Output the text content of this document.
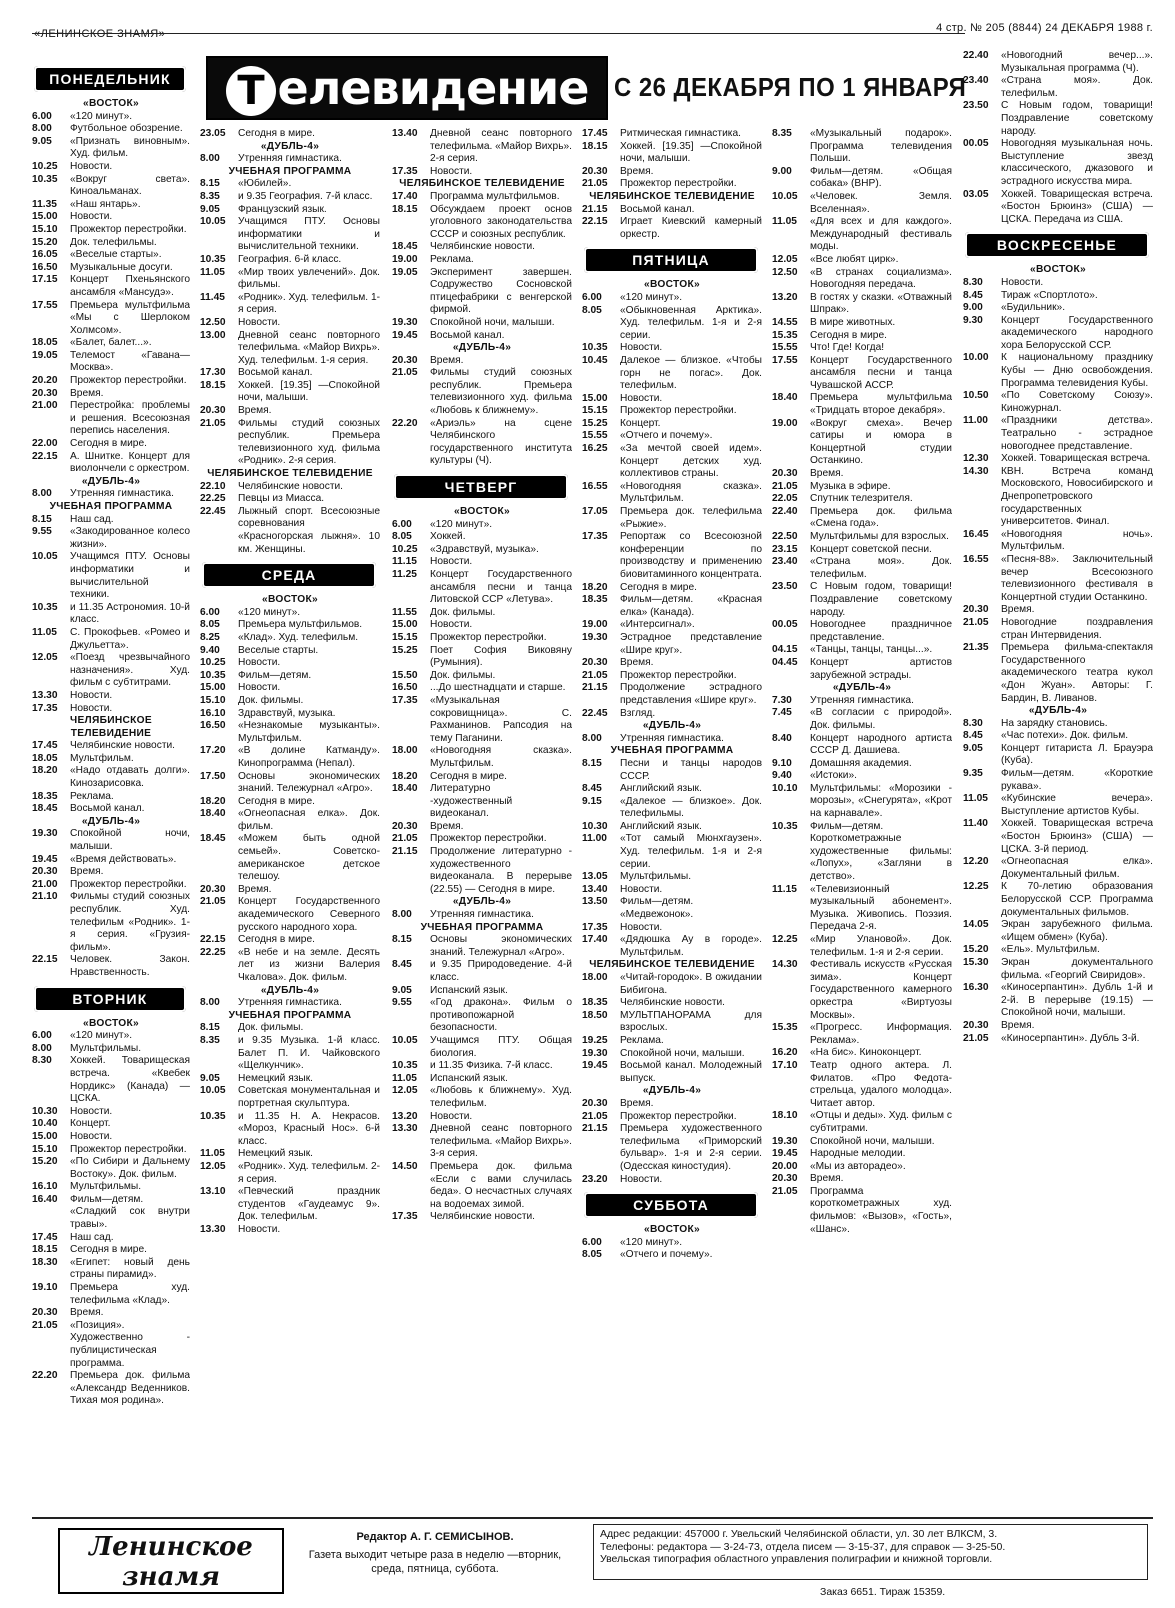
«ЛЕНИНСКОЕ ЗНАМЯ»	4 стр. № 205 (8844) 24 ДЕКАБРЯ 1988 г.
Т елевидение С 26 ДЕКАБРЯ ПО 1 ЯНВАРЯ
ПОНЕДЕЛЬНИК
«ВОСТОК»
6.00	«120 минут».
8.00	Футбольное обозрение.
9.05	«Признать виновным». Худ. фильм.
10.25	Новости.
10.35	«Вокруг света». Киноальманах.
11.35	«Наш янтарь».
15.00	Новости.
15.10	Прожектор перестройки.
15.20	Док. телефильмы.
16.05	«Веселые старты».
16.50	Музыкальные досуги.
17.15	Концерт Пхеньянского ансамбля «Мансудэ».
17.55	Премьера мультфильма «Мы с Шерлоком Холмсом».
18.05	«Балет, балет...».
19.05	Телемост «Гавана—Москва».
20.20	Прожектор перестройки.
20.30	Время.
21.00	Перестройка: проблемы и решения. Всесоюзная перепись населения.
22.00	Сегодня в мире.
22.15	А. Шнитке. Концерт для виолончели с оркестром.
«ДУБЛЬ-4»
8.00	Утренняя гимнастика.
УЧЕБНАЯ ПРОГРАММА
8.15	Наш сад.
9.55	«Закодированное колесо жизни».
10.05	Учащимся ПТУ. Основы информатики и вычислительной техники.
10.35	и 11.35 Астрономия. 10-й класс.
11.05	С. Прокофьев. «Ромео и Джульетта».
12.05	«Поезд чрезвычайного назначения». Худ. фильм с субтитрами.
13.30	Новости.
17.35	Новости.
ЧЕЛЯБИНСКОЕ ТЕЛЕВИДЕНИЕ
17.45	Челябинские новости.
18.05	Мультфильм.
18.20	«Надо отдавать долги». Кинозарисовка.
18.35	Реклама.
18.45	Восьмой канал.
«ДУБЛЬ-4»
19.30	Спокойной ночи, малыши.
19.45	«Время действовать».
20.30	Время.
21.00	Прожектор перестройки.
21.10	Фильмы студий союзных республик. Худ. телефильм «Родник». 1-я серия. «Грузия-фильм».
22.15	Человек. Закон. Нравственность.
ВТОРНИК
«ВОСТОК»
6.00	«120 минут».
8.00	Мультфильмы.
8.30	Хоккей. Товарищеская встреча. «Квебек Нордикс» (Канада) — ЦСКА.
10.30	Новости.
10.40	Концерт.
15.00	Новости.
15.10	Прожектор перестройки.
15.20	«По Сибири и Дальнему Востоку». Док. фильм.
16.10	Мультфильмы.
16.40	Фильм—детям. «Сладкий сок внутри травы».
17.45	Наш сад.
18.15	Сегодня в мире.
18.30	«Египет: новый день страны пирамид».
19.10	Премьера худ. телефильма «Клад».
20.30	Время.
21.05	«Позиция». Художественно - публицистическая программа.
22.20	Премьера док. фильма «Александр Веденников. Тихая моя родина».
23.05	Сегодня в мире.
«ДУБЛЬ-4»
8.00	Утренняя гимнастика.
УЧЕБНАЯ ПРОГРАММА
8.15	«Юбилей».
8.35	и 9.35 География. 7-й класс.
9.05	Французский язык.
10.05	Учащимся ПТУ. Основы информатики и вычислительной техники.
10.35	География. 6-й класс.
11.05	«Мир твоих увлечений». Док. фильмы.
11.45	«Родник». Худ. телефильм. 1-я серия.
12.50	Новости.
13.00	Дневной сеанс повторного телефильма. «Майор Вихрь». Худ. телефильм. 1-я серия.
17.30	Восьмой канал.
18.15	Хоккей. [19.35] —Спокойной ночи, малыши.
20.30	Время.
21.05	Фильмы студий союзных республик. Премьера телевизионного худ. фильма «Родник». 2-я серия.
ЧЕЛЯБИНСКОЕ ТЕЛЕВИДЕНИЕ
22.10	Челябинские новости.
22.25	Певцы из Миасса.
22.45	Лыжный спорт. Всесоюзные соревнования «Красногорская лыжня». 10 км. Женщины.
СРЕДА
«ВОСТОК»
6.00	«120 минут».
8.05	Премьера мультфильмов.
8.25	«Клад». Худ. телефильм.
9.40	Веселые старты.
10.25	Новости.
10.35	Фильм—детям.
15.00	Новости.
15.10	Док. фильмы.
16.10	Здравствуй, музыка.
16.50	«Незнакомые музыканты». Мультфильм.
17.20	«В долине Катманду». Кинопрограмма (Непал).
17.50	Основы экономических знаний. Тележурнал «Агро».
18.20	Сегодня в мире.
18.40	«Огнеопасная елка». Док. фильм.
18.45	«Можем быть одной семьей». Советско-американское детское телешоу.
20.30	Время.
21.05	Концерт Государственного академического Северного русского народного хора.
22.15	Сегодня в мире.
22.25	«В небе и на земле. Десять лет из жизни Валерия Чкалова». Док. фильм.
«ДУБЛЬ-4»
8.00	Утренняя гимнастика.
УЧЕБНАЯ ПРОГРАММА
8.15	Док. фильмы.
8.35	и 9.35 Музыка. 1-й класс. Балет П. И. Чайковского «Щелкунчик».
9.05	Немецкий язык.
10.05	Советская монументальная и портретная скульптура.
10.35	и 11.35 Н. А. Некрасов. «Мороз, Красный Нос». 6-й класс.
11.05	Немецкий язык.
12.05	«Родник». Худ. телефильм. 2-я серия.
13.10	«Певческий праздник студентов «Гаудеамус 9». Док. телефильм.
13.30	Новости.
13.40	Дневной сеанс повторного телефильма. «Майор Вихрь». 2-я серия.
17.35	Новости.
ЧЕЛЯБИНСКОЕ ТЕЛЕВИДЕНИЕ
17.40	Программа мультфильмов.
18.15	Обсуждаем проект основ уголовного законодательства СССР и союзных республик.
18.45	Челябинские новости.
19.00	Реклама.
19.05	Эксперимент завершен. Содружество Сосновской птицефабрики с венгерской фирмой.
19.30	Спокойной ночи, малыши.
19.45	Восьмой канал.
«ДУБЛЬ-4»
20.30	Время.
21.05	Фильмы студий союзных республик. Премьера телевизионного худ. фильма «Любовь к ближнему».
22.20	«Ариэль» на сцене Челябинского государственного института культуры (Ч).
ЧЕТВЕРГ
«ВОСТОК»
6.00	«120 минут».
8.05	Хоккей.
10.25	«Здравствуй, музыка».
11.15	Новости.
11.25	Концерт Государственного ансамбля песни и танца Литовской ССР «Летува».
11.55	Док. фильмы.
15.00	Новости.
15.15	Прожектор перестройки.
15.25	Поет София Виковяну (Румыния).
15.50	Док. фильмы.
16.50	...До шестнадцати и старше.
17.35	«Музыкальная сокровищница». С. Рахманинов. Рапсодия на тему Паганини.
18.00	«Новогодняя сказка». Мультфильм.
18.20	Сегодня в мире.
18.40	Литературно -художественный видеоканал.
20.30	Время.
21.05	Прожектор перестройки.
21.15	Продолжение литературно - художественного видеоканала. В перерыве (22.55) — Сегодня в мире.
«ДУБЛЬ-4»
8.00	Утренняя гимнастика.
УЧЕБНАЯ ПРОГРАММА
8.15	Основы экономических знаний. Тележурнал «Агро».
8.45	и 9.35 Природоведение. 4-й класс.
9.05	Испанский язык.
9.55	«Год дракона». Фильм о противопожарной безопасности.
10.05	Учащимся ПТУ. Общая биология.
10.35	и 11.35 Физика. 7-й класс.
11.05	Испанский язык.
12.05	«Любовь к ближнему». Худ. телефильм.
13.20	Новости.
13.30	Дневной сеанс повторного телефильма. «Майор Вихрь». 3-я серия.
14.50	Премьера док. фильма «Если с вами случилась беда». О несчастных случаях на водоемах зимой.
17.35	Челябинские новости.
17.45	Ритмическая гимнастика.
18.15	Хоккей. [19.35] —Спокойной ночи, малыши.
20.30	Время.
21.05	Прожектор перестройки.
ЧЕЛЯБИНСКОЕ ТЕЛЕВИДЕНИЕ
21.15	Восьмой канал.
22.15	Играет Киевский камерный оркестр.
ПЯТНИЦА
«ВОСТОК»
6.00	«120 минут».
8.05	«Обыкновенная Арктика». Худ. телефильм. 1-я и 2-я серии.
10.35	Новости.
10.45	Далекое — близкое. «Чтобы горн не погас». Док. телефильм.
15.00	Новости.
15.15	Прожектор перестройки.
15.25	Концерт.
15.55	«Отчего и почему».
16.25	«За мечтой своей идем». Концерт детских худ. коллективов страны.
16.55	«Новогодняя сказка». Мультфильм.
17.05	Премьера док. телефильма «Рыжие».
17.35	Репортаж со Всесоюзной конференции по производству и применению биовитаминного концентрата.
18.20	Сегодня в мире.
18.35	Фильм—детям. «Красная елка» (Канада).
19.00	«Интерсигнал».
19.30	Эстрадное представление «Шире круг».
20.30	Время.
21.05	Прожектор перестройки.
21.15	Продолжение эстрадного представления «Шире круг».
22.45	Взгляд.
«ДУБЛЬ-4»
8.00	Утренняя гимнастика.
УЧЕБНАЯ ПРОГРАММА
8.15	Песни и танцы народов СССР.
8.45	Английский язык.
9.15	«Далекое — близкое». Док. телефильмы.
10.30	Английский язык.
11.00	«Тот самый Мюнхгаузен». Худ. телефильм. 1-я и 2-я серии.
13.05	Мультфильмы.
13.40	Новости.
13.50	Фильм—детям. «Медвежонок».
17.35	Новости.
17.40	«Дядюшка Ау в городе». Мультфильм.
ЧЕЛЯБИНСКОЕ ТЕЛЕВИДЕНИЕ
18.00	«Читай-городок». В ожидании Бибигона.
18.35	Челябинские новости.
18.50	МУЛЬТПАНОРАМА для взрослых.
19.25	Реклама.
19.30	Спокойной ночи, малыши.
19.45	Восьмой канал. Молодежный выпуск.
«ДУБЛЬ-4»
20.30	Время.
21.05	Прожектор перестройки.
21.15	Премьера художественного телефильма «Приморский бульвар». 1-я и 2-я серии. (Одесская киностудия).
23.20	Новости.
СУББОТА
«ВОСТОК»
6.00	«120 минут».
8.05	«Отчего и почему».
8.35	«Музыкальный подарок». Программа телевидения Польши.
9.00	Фильм—детям. «Общая собака» (ВНР).
10.05	«Человек. Земля. Вселенная».
11.05	«Для всех и для каждого». Международный фестиваль моды.
12.05	«Все любят цирк».
12.50	«В странах социализма». Новогодняя передача.
13.20	В гостях у сказки. «Отважный Шпрак».
14.55	В мире животных.
15.35	Сегодня в мире.
15.55	Что! Где! Когда!
17.55	Концерт Государственного ансамбля песни и танца Чувашской АССР.
18.40	Премьера мультфильма «Тридцать второе декабря».
19.00	«Вокруг смеха». Вечер сатиры и юмора в Концертной студии Останкино.
20.30	Время.
21.05	Музыка в эфире.
22.05	Спутник телезрителя.
22.40	Премьера док. фильма «Смена года».
22.50	Мультфильмы для взрослых.
23.15	Концерт советской песни.
23.40	«Страна моя». Док. телефильм.
23.50	С Новым годом, товарищи! Поздравление советскому народу.
00.05	Новогоднее праздничное представление.
04.15	«Танцы, танцы, танцы...».
04.45	Концерт артистов зарубежной эстрады.
«ДУБЛЬ-4»
7.30	Утренняя гимнастика.
7.45	«В согласии с природой». Док. фильмы.
8.40	Концерт народного артиста СССР Д. Дашиева.
9.10	Домашняя академия.
9.40	«Истоки».
10.10	Мультфильмы: «Морозики - морозы», «Снегурята», «Крот на карнавале».
10.35	Фильм—детям. Короткометражные художественные фильмы: «Лопух», «Загляни в детство».
11.15	«Телевизионный музыкальный абонемент». Музыка. Живопись. Поэзия. Передача 2-я.
12.25	«Мир Улановой». Док. телефильм. 1-я и 2-я серии.
14.30	Фестиваль искусств «Русская зима». Концерт Государственного камерного оркестра «Виртуозы Москвы».
15.35	«Прогресс. Информация. Реклама».
16.20	«На бис». Киноконцерт.
17.10	Театр одного актера. Л. Филатов. «Про Федота-стрельца, удалого молодца». Читает автор.
18.10	«Отцы и деды». Худ. фильм с субтитрами.
19.30	Спокойной ночи, малыши.
19.45	Народные мелодии.
20.00	«Мы из авторадео».
20.30	Время.
21.05	Программа короткометражных худ. фильмов: «Вызов», «Гость», «Шанс».
22.40	«Новогодний вечер...». Музыкальная программа (Ч).
23.40	«Страна моя». Док. телефильм.
23.50	С Новым годом, товарищи! Поздравление советскому народу.
00.05	Новогодняя музыкальная ночь. Выступление звезд классического, джазового и эстрадного искусства мира.
03.05	Хоккей. Товарищеская встреча. «Бостон Брюинз» (США) — ЦСКА. Передача из США.
ВОСКРЕСЕНЬЕ
«ВОСТОК»
8.30	Новости.
8.45	Тираж «Спортлото».
9.00	«Будильник».
9.30	Концерт Государственного академического народного хора Белорусской ССР.
10.00	К национальному празднику Кубы — Дню освобождения. Программа телевидения Кубы.
10.50	«По Советскому Союзу». Киножурнал.
11.00	«Праздники детства». Театрально - эстрадное новогоднее представление.
12.30	Хоккей. Товарищеская встреча.
14.30	КВН. Встреча команд Московского, Новосибирского и Днепропетровского государственных университетов. Финал.
16.45	«Новогодняя ночь». Мультфильм.
16.55	«Песня-88». Заключительный вечер Всесоюзного телевизионного фестиваля в Концертной студии Останкино.
20.30	Время.
21.05	Новогодние поздравления стран Интервидения.
21.35	Премьера фильма-спектакля Государственного академического театра кукол «Дон Жуан». Авторы: Г. Бардин, В. Ливанов.
«ДУБЛЬ-4»
8.30	На зарядку становись.
8.45	«Час потехи». Док. фильм.
9.05	Концерт гитариста Л. Брауэра (Куба).
9.35	Фильм—детям. «Короткие рукава».
11.05	«Кубинские вечера». Выступление артистов Кубы.
11.40	Хоккей. Товарищеская встреча «Бостон Брюинз» (США) — ЦСКА. 3-й период.
12.20	«Огнеопасная елка». Документальный фильм.
12.25	К 70-летию образования Белорусской ССР. Программа документальных фильмов.
14.05	Экран зарубежного фильма. «Ищем обмен» (Куба).
15.20	«Ель». Мультфильм.
15.30	Экран документального фильма. «Георгий Свиридов».
16.30	«Киносерпантин». Дубль 1-й и 2-й. В перерыве (19.15) — Спокойной ночи, малыши.
20.30	Время.
21.05	«Киносерпантин». Дубль 3-й.
Ленинское
знамя
Редактор А. Г. СЕМИСЫНОВ.
Газета выходит четыре раза в неделю —вторник, среда, пятница, суббота.
Адрес редакции: 457000 г. Увельский Челябинской области, ул. 30 лет ВЛКСМ, 3.
Телефоны: редактора — 3-24-73, отдела писем — 3-15-37, для справок — 3-25-50.
Увельская типография областного управления полиграфии и книжной торговли.
Заказ 6651. Тираж 15359.
